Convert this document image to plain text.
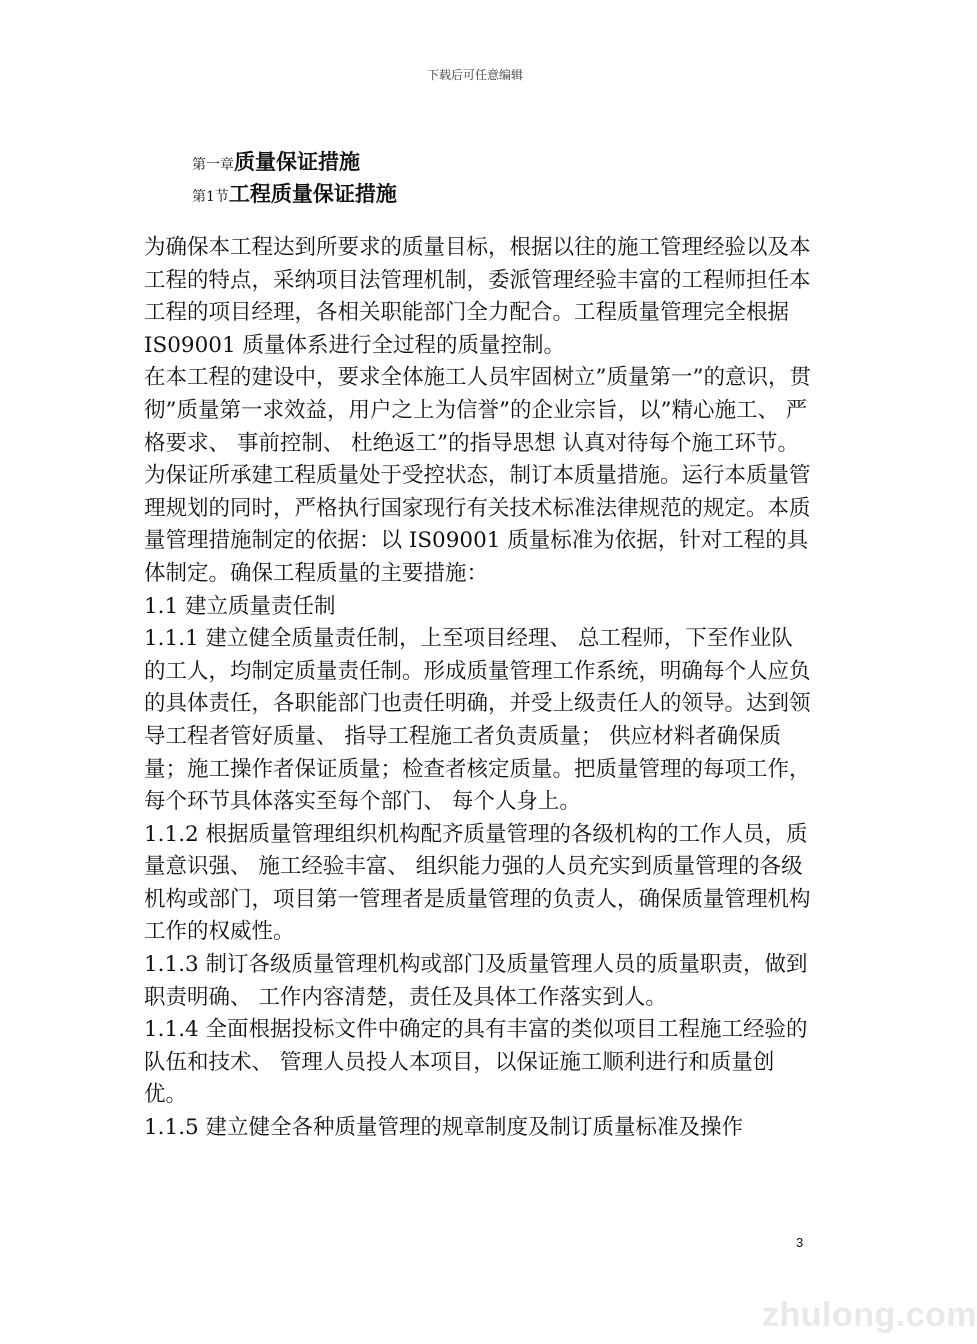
下载后可任意编辑
第一章质量保证措施
第1节工程质量保证措施

为确保本工程达到所要求的质量目标，根据以往的施工管理经验以及本工程的特点，采纳项目法管理机制，委派管理经验丰富的工程师担任本工程的项目经理，各相关职能部门全力配合。工程质量管理完全根据 IS09001 质量体系进行全过程的质量控制。

在本工程的建设中，要求全体施工人员牢固树立”质量第一”的意识，贯彻”质量第一求效益，用户之上为信誉”的企业宗旨，以”精心施工、 严格要求、 事前控制、 杜绝返工”的指导思想 认真对待每个施工环节。

为保证所承建工程质量处于受控状态，制订本质量措施。运行本质量管理规划的同时，严格执行国家现行有关技术标准法律规范的规定。本质量管理措施制定的依据：以 IS09001 质量标准为依据，针对工程的具体制定。确保工程质量的主要措施：

1.1 建立质量责任制

1.1.1 建立健全质量责任制，上至项目经理、 总工程师，下至作业队的工人，均制定质量责任制。形成质量管理工作系统，明确每个人应负的具体责任，各职能部门也责任明确，并受上级责任人的领导。达到领导工程者管好质量、 指导工程施工者负责质量； 供应材料者确保质量；施工操作者保证质量；检查者核定质量。把质量管理的每项工作，每个环节具体落实至每个部门、 每个人身上。

1.1.2 根据质量管理组织机构配齐质量管理的各级机构的工作人员，质量意识强、 施工经验丰富、 组织能力强的人员充实到质量管理的各级机构或部门，项目第一管理者是质量管理的负责人，确保质量管理机构工作的权威性。

1.1.3 制订各级质量管理机构或部门及质量管理人员的质量职责，做到职责明确、 工作内容清楚，责任及具体工作落实到人。

1.1.4 全面根据投标文件中确定的具有丰富的类似项目工程施工经验的队伍和技术、 管理人员投人本项目，以保证施工顺利进行和质量创优。

1.1.5 建立健全各种质量管理的规章制度及制订质量标准及操作

3
zhulong.com
